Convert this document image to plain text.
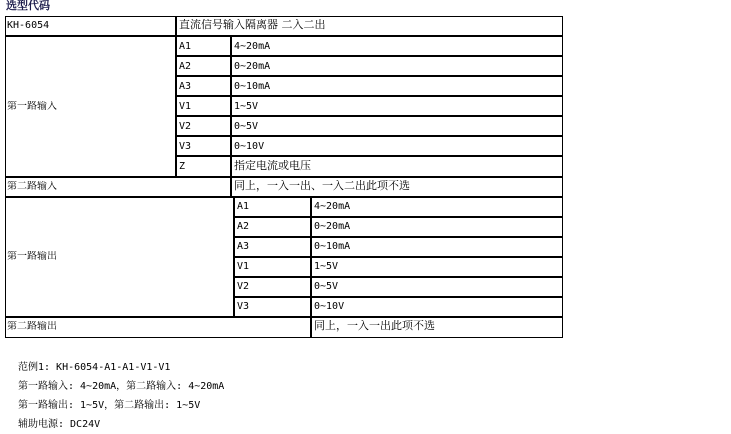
选型代码
KH-6054	直流信号输入隔离器 二入二出
第一路输入
A1	4~20mA
A2	0~20mA
A3	0~10mA
V1	1~5V
V2	0~5V
V3	0~10V
Z	指定电流或电压
第二路输入	同上，一入一出、一入二出此项不选
第一路输出
A1	4~20mA
A2	0~20mA
A3	0~10mA
V1	1~5V
V2	0~5V
V3	0~10V
第二路输出	同上，一入一出此项不选
范例1: KH-6054-A1-A1-V1-V1
第一路输入: 4~20mA，第二路输入: 4~20mA
第一路输出: 1~5V，第二路输出: 1~5V
辅助电源: DC24V
